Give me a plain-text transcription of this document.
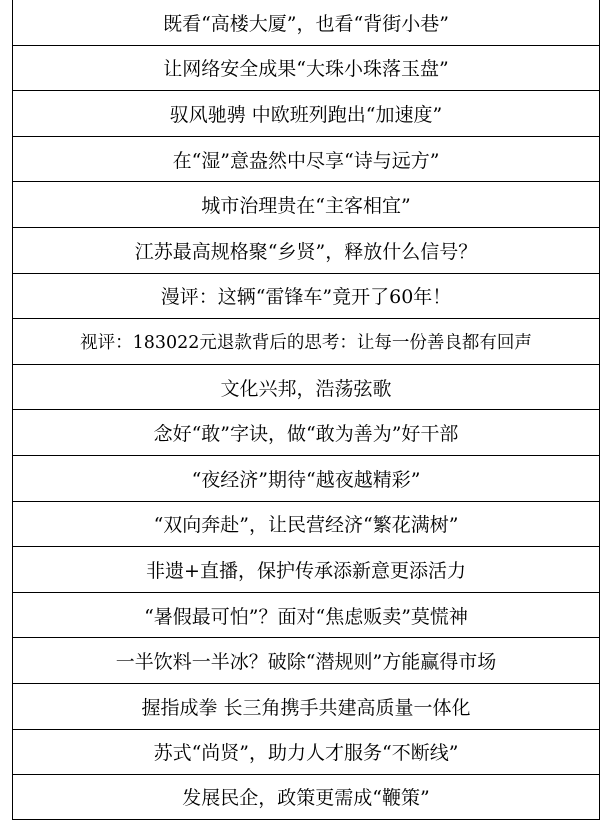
既看“高楼大厦”，也看“背街小巷”
让网络安全成果“大珠小珠落玉盘”
驭风驰骋 中欧班列跑出“加速度”
在“湿”意盎然中尽享“诗与远方”
城市治理贵在“主客相宜”
江苏最高规格聚“乡贤”，释放什么信号？
漫评：这辆“雷锋车”竟开了60年！
视评：183022元退款背后的思考：让每一份善良都有回声
文化兴邦，浩荡弦歌
念好“敢”字诀，做“敢为善为”好干部
“夜经济”期待“越夜越精彩”
“双向奔赴”，让民营经济“繁花满树”
非遗+直播，保护传承添新意更添活力
“暑假最可怕”？面对“焦虑贩卖”莫慌神
一半饮料一半冰？破除“潜规则”方能赢得市场
握指成拳 长三角携手共建高质量一体化
苏式“尚贤”，助力人才服务“不断线”
发展民企，政策更需成“鞭策”
